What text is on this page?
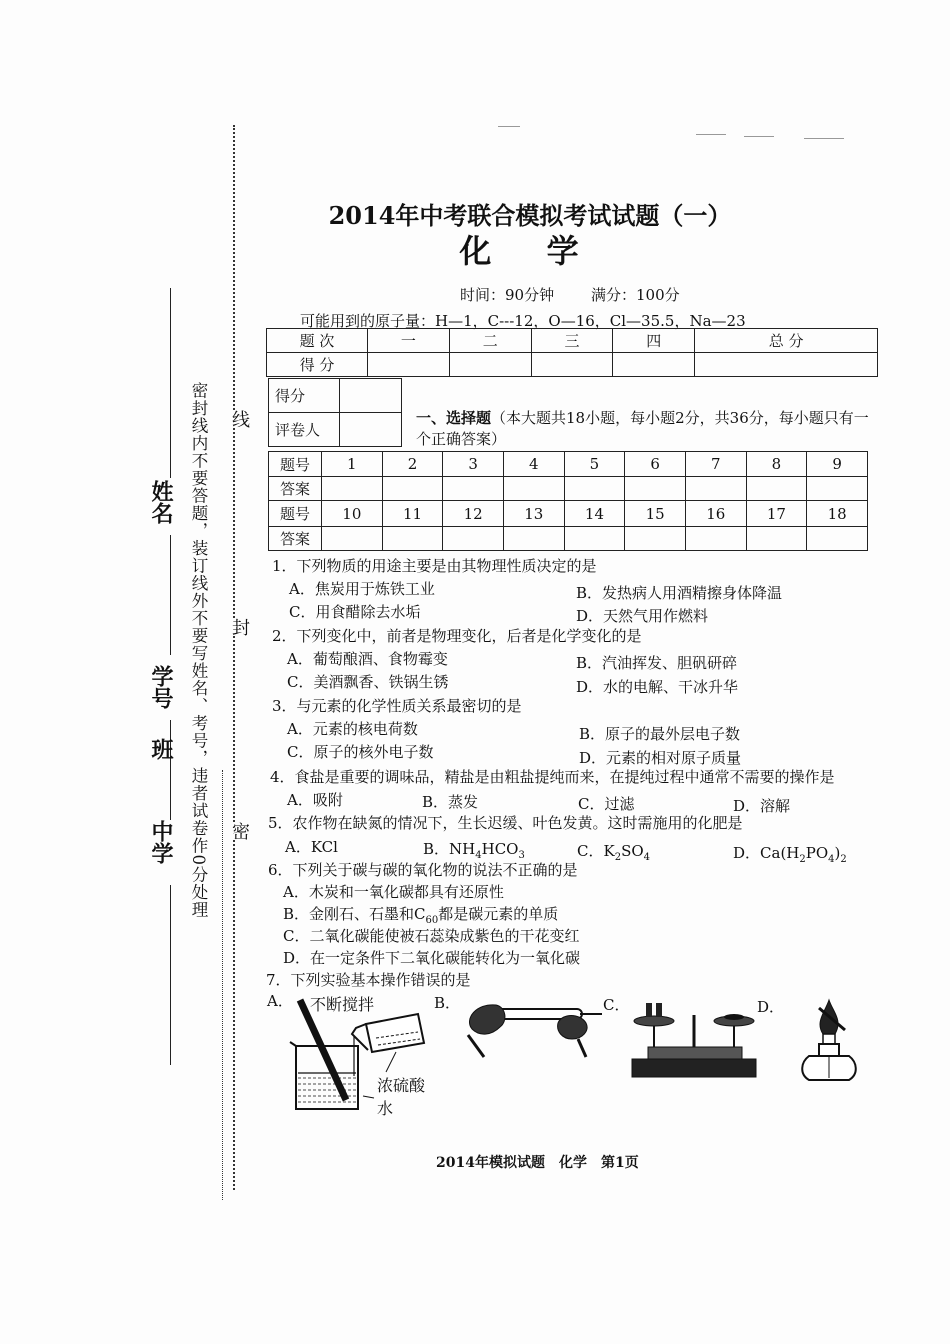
姓名
学号
班
中学 密封线内不要答题，装订线外不要写姓名、考号，违者试卷作0分处理 线
封
密
2014年中考联合模拟考试试题（一）
化 学
时间：90分钟 满分：100分
可能用到的原子量：H—1，C---12，O—16，Cl—35.5，Na—23
题 次	一	二	三	四	总 分
得 分					
得分	
评卷人	
一、选择题（本大题共18小题，每小题2分，共36分，每小题只有一个正确答案）
题号	1	2	3	4	5	6	7	8	9
答案									
题号	10	11	12	13	14	15	16	17	18
答案									
1．下列物质的用途主要是由其物理性质决定的是
A．焦炭用于炼铁工业	B．发热病人用酒精擦身体降温
C．用食醋除去水垢	D．天然气用作燃料
2．下列变化中，前者是物理变化，后者是化学变化的是
A．葡萄酿酒、食物霉变	B．汽油挥发、胆矾研碎
C．美酒飘香、铁锅生锈	D．水的电解、干冰升华
3．与元素的化学性质关系最密切的是
A．元素的核电荷数	B．原子的最外层电子数
C．原子的核外电子数	D．元素的相对原子质量
4．食盐是重要的调味品，精盐是由粗盐提纯而来，在提纯过程中通常不需要的操作是
A．吸附	B．蒸发	C．过滤	D．溶解
5．农作物在缺氮的情况下，生长迟缓、叶色发黄。这时需施用的化肥是
A．KCl	B．$NH_4HCO_3$	C．$K_2SO_4$	D．$Ca(H_2PO_4)_2$
6．下列关于碳与碳的氧化物的说法不正确的是
A．木炭和一氧化碳都具有还原性
B．金刚石、石墨和$C_{60}$都是碳元素的单质
C．二氧化碳能使被石蕊染成紫色的干花变红
D．在一定条件下二氧化碳能转化为一氧化碳
7．下列实验基本操作错误的是
A．	B．	C．	D．
不断搅拌
浓硫酸
水
2014年模拟试题　化学　第1页
